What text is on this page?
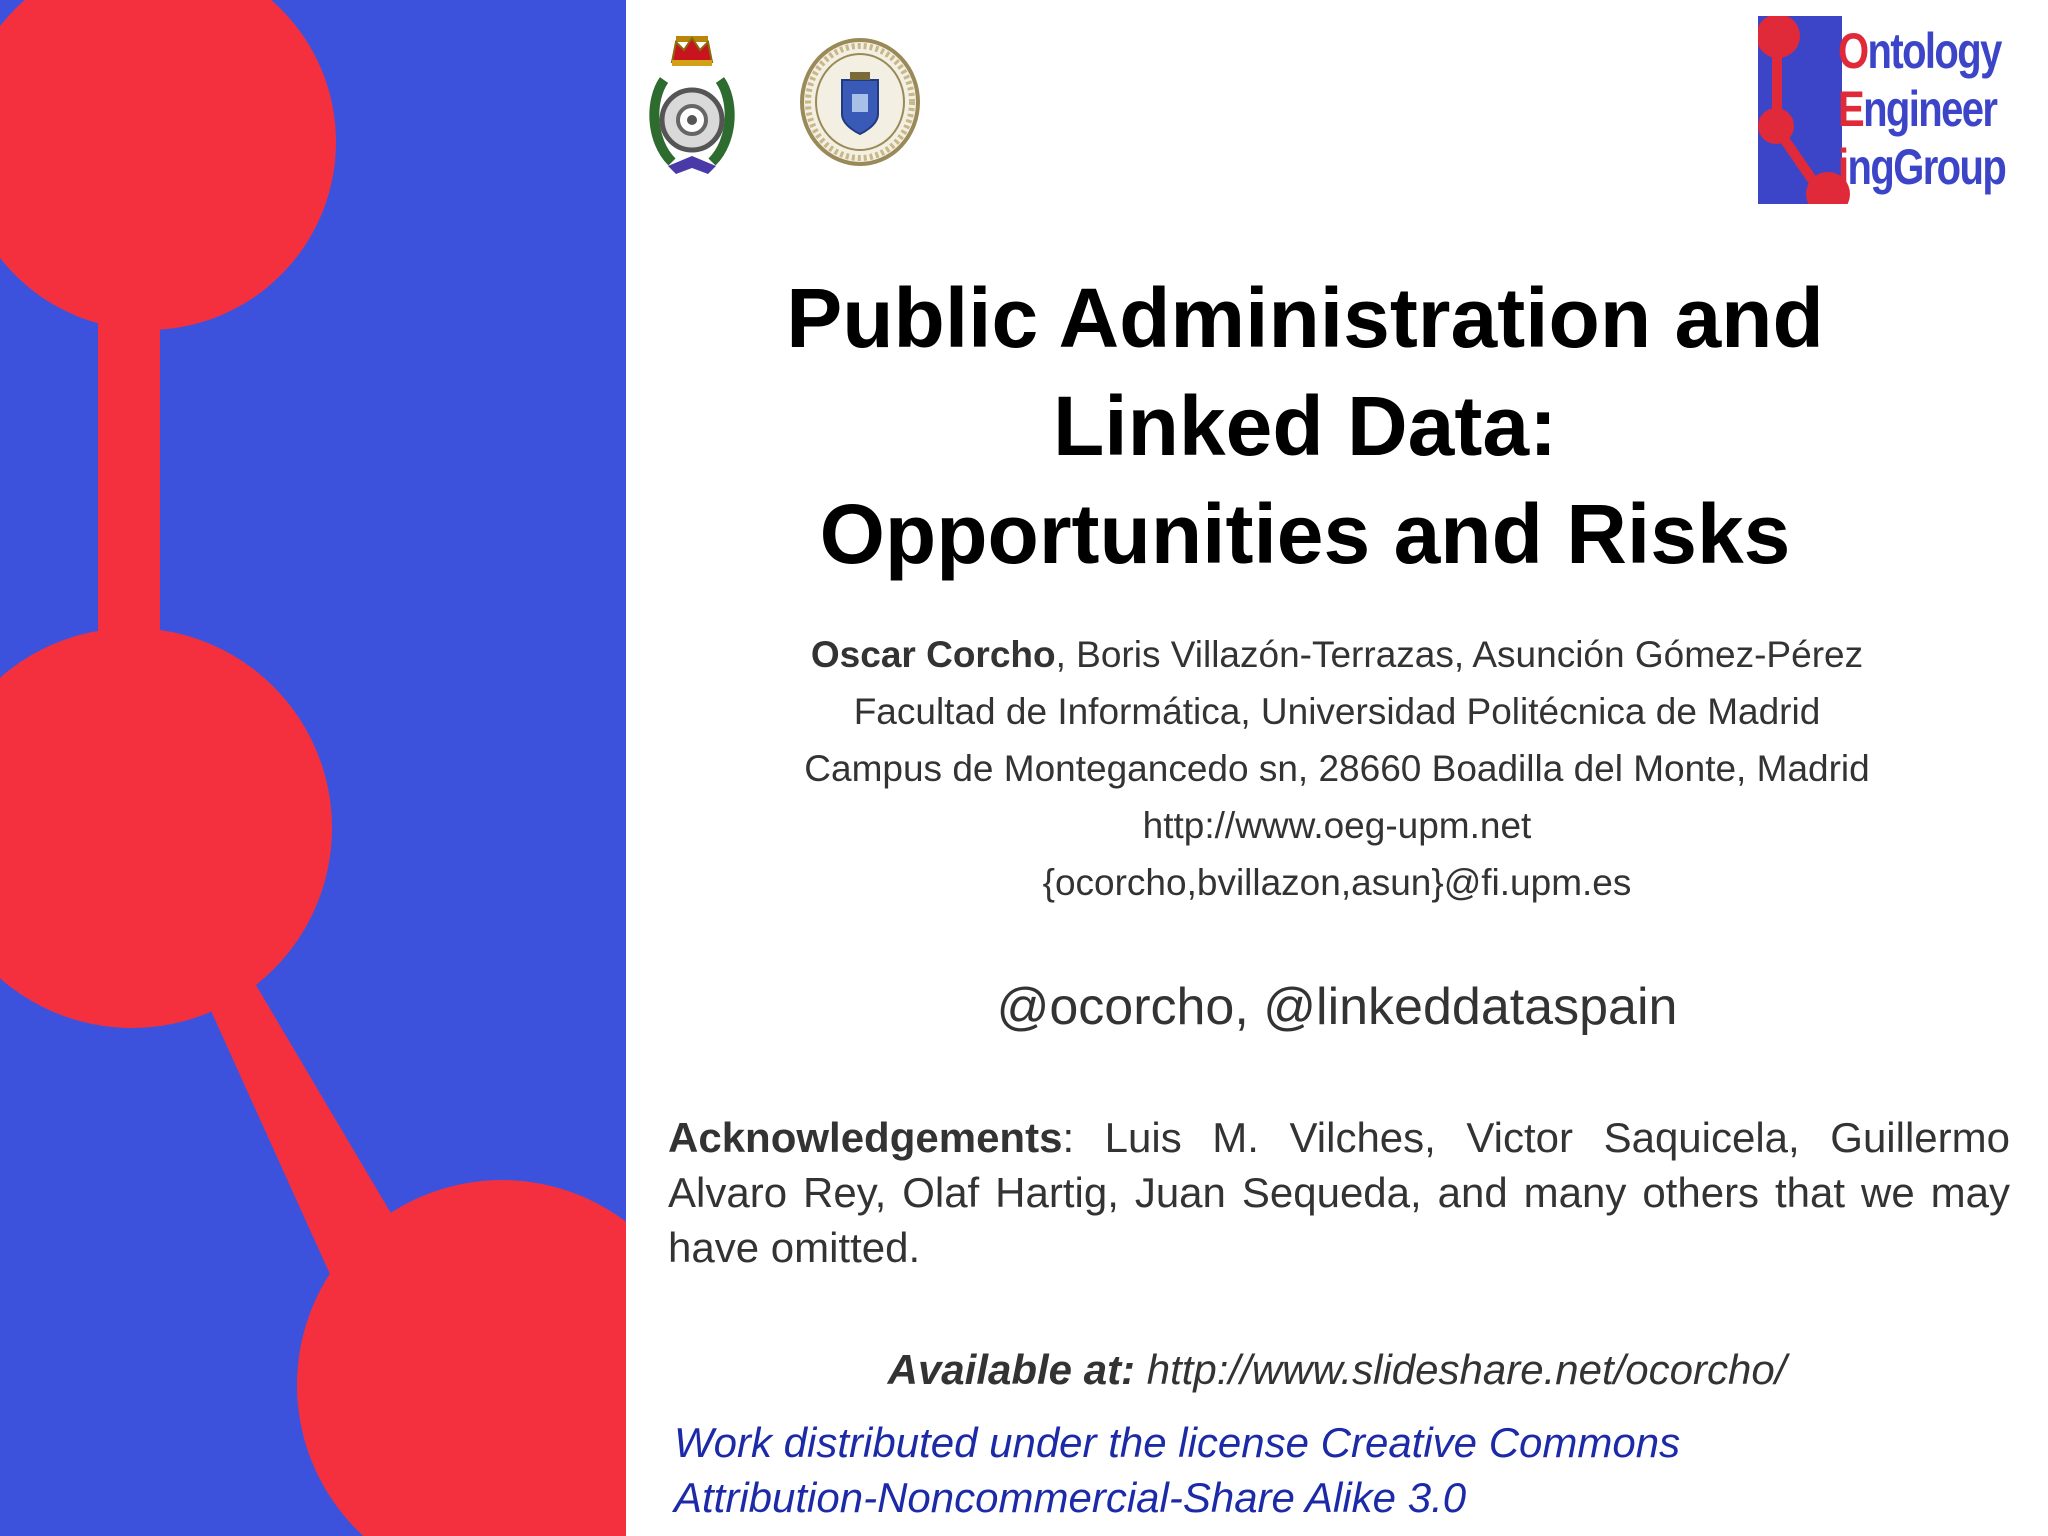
Ontology
Engineer
ingGroup
Public Administration and
Linked Data:
Opportunities and Risks
Oscar Corcho, Boris Villazón-Terrazas, Asunción Gómez-Pérez
Facultad de Informática, Universidad Politécnica de Madrid
Campus de Monteganc​edo sn, 28660 Boadilla del Monte, Madrid
http://www.oeg-upm.net
{ocorcho,bvillazon,asun}@fi.upm.es
@ocorcho, @linkeddataspain
Acknowledgements: Luis M. Vilches, Victor Saquicela, Guillermo Alvaro Rey, Olaf Hartig, Juan Sequeda, and many others that we may have omitted.
Available at: http://www.slideshare.net/ocorcho/
Work distributed under the license Creative Commons
Attribution-Noncommercial-Share Alike 3.0
